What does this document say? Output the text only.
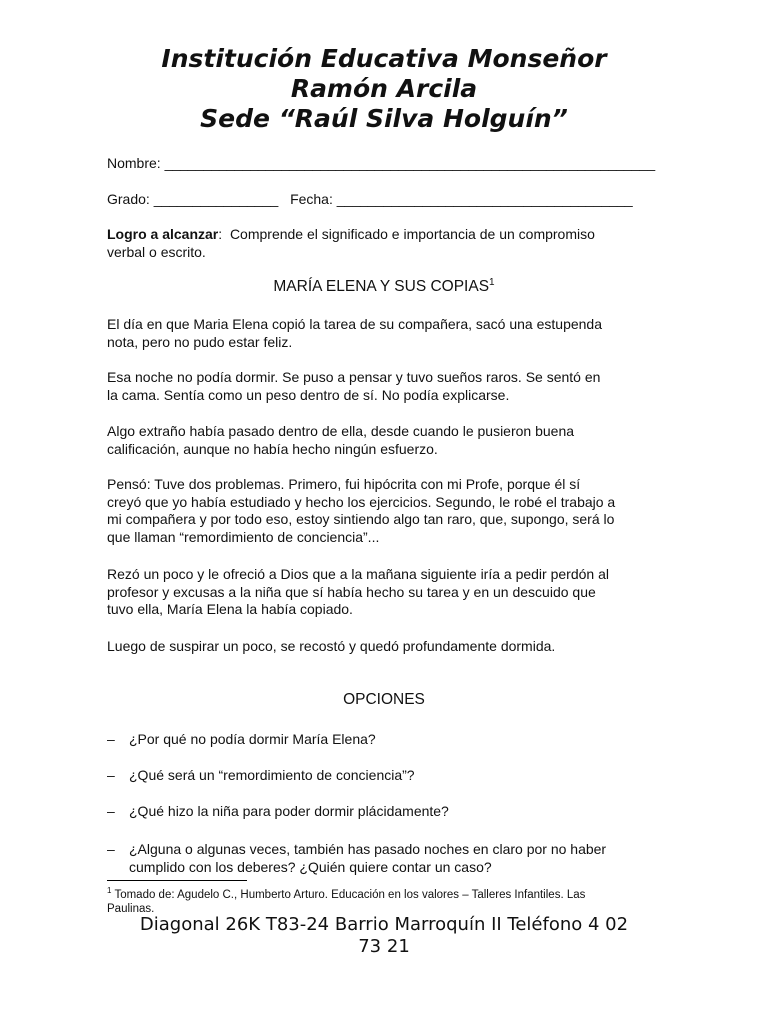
Institución Educativa Monseñor
Ramón Arcila
Sede “Raúl Silva Holguín”
Nombre: _______________________________________________________________
Grado: ________________ Fecha: ______________________________________
Logro a alcanzar: Comprende el significado e importancia de un compromiso
verbal o escrito.
MARÍA ELENA Y SUS COPIAS$^1$
El día en que Maria Elena copió la tarea de su compañera, sacó una estupenda
nota, pero no pudo estar feliz.
Esa noche no podía dormir. Se puso a pensar y tuvo sueños raros. Se sentó en
la cama. Sentía como un peso dentro de sí. No podía explicarse.
Algo extraño había pasado dentro de ella, desde cuando le pusieron buena
calificación, aunque no había hecho ningún esfuerzo.
Pensó: Tuve dos problemas. Primero, fui hipócrita con mi Profe, porque él sí
creyó que yo había estudiado y hecho los ejercicios. Segundo, le robé el trabajo a
mi compañera y por todo eso, estoy sintiendo algo tan raro, que, supongo, será lo
que llaman “remordimiento de conciencia”...
Rezó un poco y le ofreció a Dios que a la mañana siguiente iría a pedir perdón al
profesor y excusas a la niña que sí había hecho su tarea y en un descuido que
tuvo ella, María Elena la había copiado.
Luego de suspirar un poco, se recostó y quedó profundamente dormida.
OPCIONES
– ¿Por qué no podía dormir María Elena?
– ¿Qué será un “remordimiento de conciencia”?
– ¿Qué hizo la niña para poder dormir plácidamente?
– ¿Alguna o algunas veces, también has pasado noches en claro por no haber
cumplido con los deberes? ¿Quién quiere contar un caso?
$^1$ Tomado de: Agudelo C., Humberto Arturo. Educación en los valores – Talleres Infantiles. Las
Paulinas.
Diagonal 26K T83-24 Barrio Marroquín II Teléfono 4 02
73 21
